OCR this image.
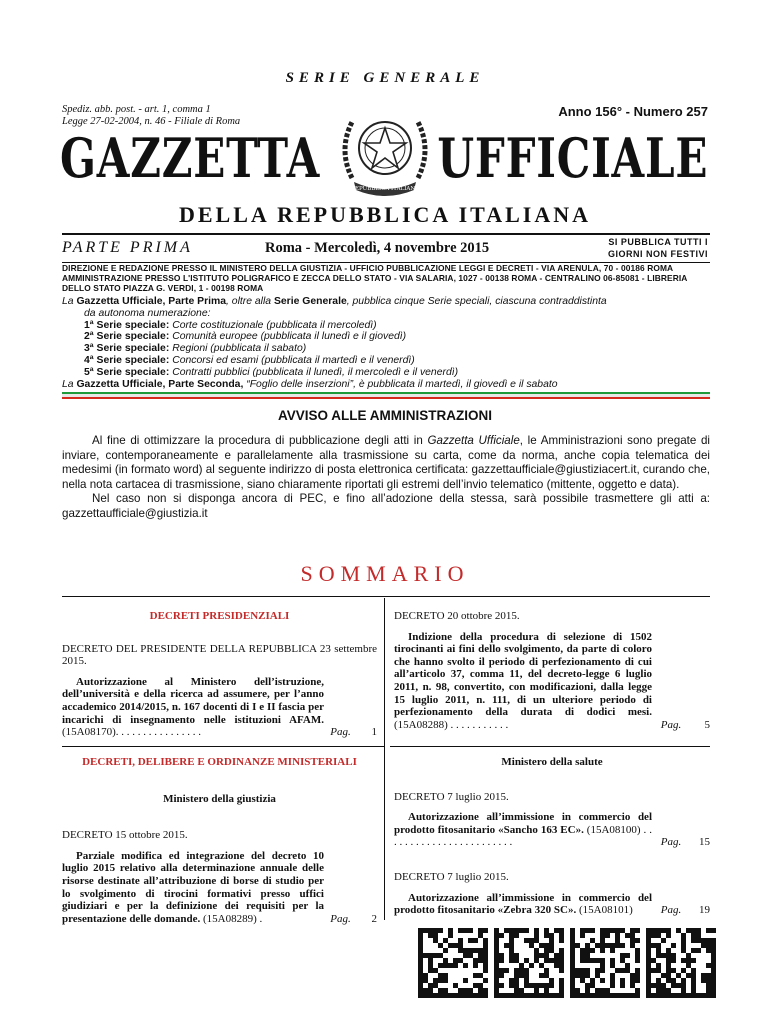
SERIE GENERALE
Spediz. abb. post. - art. 1, comma 1
Legge 27-02-2004, n. 46 - Filiale di Roma
Anno 156° - Numero 257
REPUBBLICA ITALIANA
GAZZETTA UFFICIALE
DELLA REPUBBLICA ITALIANA
PARTE PRIMA	Roma - Mercoledì, 4 novembre 2015	SI PUBBLICA TUTTI I
GIORNI NON FESTIVI
DIREZIONE E REDAZIONE PRESSO IL MINISTERO DELLA GIUSTIZIA - UFFICIO PUBBLICAZIONE LEGGI E DECRETI - VIA ARENULA, 70 - 00186 ROMA AMMINISTRAZIONE PRESSO L'ISTITUTO POLIGRAFICO E ZECCA DELLO STATO - VIA SALARIA, 1027 - 00138 ROMA - CENTRALINO 06-85081 - LIBRERIA DELLO STATO PIAZZA G. VERDI, 1 - 00198 ROMA
La Gazzetta Ufficiale, Parte Prima, oltre alla Serie Generale, pubblica cinque Serie speciali, ciascuna contraddistinta
da autonoma numerazione:
1ª Serie speciale: Corte costituzionale (pubblicata il mercoledì)
2ª Serie speciale: Comunità europee (pubblicata il lunedì e il giovedì)
3ª Serie speciale: Regioni (pubblicata il sabato)
4ª Serie speciale: Concorsi ed esami (pubblicata il martedì e il venerdì)
5ª Serie speciale: Contratti pubblici (pubblicata il lunedì, il mercoledì e il venerdì)
La Gazzetta Ufficiale, Parte Seconda, “Foglio delle inserzioni”, è pubblicata il martedì, il giovedì e il sabato
AVVISO ALLE AMMINISTRAZIONI

Al fine di ottimizzare la procedura di pubblicazione degli atti in Gazzetta Ufficiale, le Amministrazioni sono pregate di inviare, contemporaneamente e parallelamente alla trasmissione su carta, come da norma, anche copia telematica dei medesimi (in formato word) al seguente indirizzo di posta elettronica certificata: gazzettaufficiale@giustiziacert.it, curando che, nella nota cartacea di trasmissione, siano chiaramente riportati gli estremi dell’invio telematico (mittente, oggetto e data).

Nel caso non si disponga ancora di PEC, e fino all’adozione della stessa, sarà possibile trasmettere gli atti a: gazzettaufficiale@giustizia.it

SOMMARIO
DECRETI PRESIDENZIALI
DECRETO DEL PRESIDENTE DELLA REPUBBLICA 23 settembre 2015.
Autorizzazione al Ministero dell’istruzione, dell’università e della ricerca ad assumere, per l’anno accademico 2014/2015, n. 167 docenti di I e II fascia per incarichi di insegnamento nelle istituzioni AFAM. (15A08170). . . . . . . . . . . . . . . .	Pag.	1
DECRETI, DELIBERE E ORDINANZE MINISTERIALI
Ministero della giustizia
DECRETO 15 ottobre 2015.
Parziale modifica ed integrazione del decreto 10 luglio 2015 relativo alla determinazione annuale delle risorse destinate all’attribuzione di borse di studio per lo svolgimento di tirocini formativi presso uffici giudiziari e per la definizione dei requisiti per la presentazione delle domande. (15A08289) .	Pag.	2
DECRETO 20 ottobre 2015.
Indizione della procedura di selezione di 1502 tirocinanti ai fini dello svolgimento, da parte di coloro che hanno svolto il periodo di perfezionamento di cui all’articolo 37, comma 11, del decreto-legge 6 luglio 2011, n. 98, convertito, con modificazioni, dalla legge 15 luglio 2011, n. 111, di un ulteriore periodo di perfezionamento della durata di dodici mesi. (15A08288) . . . . . . . . . . .	Pag.	5
Ministero della salute
DECRETO 7 luglio 2015.
Autorizzazione all’immissione in commercio del prodotto fitosanitario «Sancho 163 EC». (15A08100) . . . . . . . . . . . . . . . . . . . . . . . .	Pag.	15
DECRETO 7 luglio 2015.
Autorizzazione all’immissione in commercio del prodotto fitosanitario «Zebra 320 SC». (15A08101)	Pag.	19
